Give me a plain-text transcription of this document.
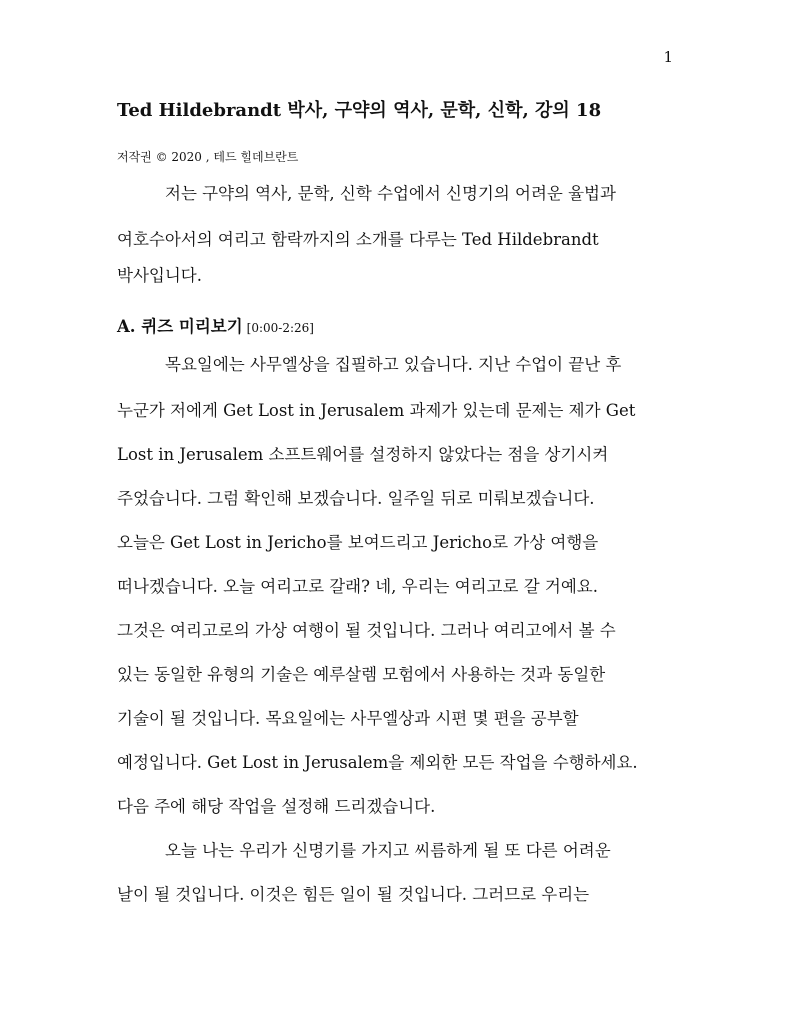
1
Ted Hildebrandt 박사, 구약의 역사, 문학, 신학, 강의 18
저작권 © 2020 , 테드 힐데브란트
저는 구약의 역사, 문학, 신학 수업에서 신명기의 어려운 율법과
여호수아서의 여리고 함락까지의 소개를 다루는 Ted Hildebrandt
박사입니다.
A. 퀴즈 미리보기 [0:00-2:26]
목요일에는 사무엘상을 집필하고 있습니다. 지난 수업이 끝난 후
누군가 저에게 Get Lost in Jerusalem 과제가 있는데 문제는 제가 Get
Lost in Jerusalem 소프트웨어를 설정하지 않았다는 점을 상기시켜
주었습니다. 그럼 확인해 보겠습니다. 일주일 뒤로 미뤄보겠습니다.
오늘은 Get Lost in Jericho를 보여드리고 Jericho로 가상 여행을
떠나겠습니다. 오늘 여리고로 갈래? 네, 우리는 여리고로 갈 거예요.
그것은 여리고로의 가상 여행이 될 것입니다. 그러나 여리고에서 볼 수
있는 동일한 유형의 기술은 예루살렘 모험에서 사용하는 것과 동일한
기술이 될 것입니다. 목요일에는 사무엘상과 시편 몇 편을 공부할
예정입니다. Get Lost in Jerusalem을 제외한 모든 작업을 수행하세요.
다음 주에 해당 작업을 설정해 드리겠습니다.
오늘 나는 우리가 신명기를 가지고 씨름하게 될 또 다른 어려운
날이 될 것입니다. 이것은 힘든 일이 될 것입니다. 그러므로 우리는
